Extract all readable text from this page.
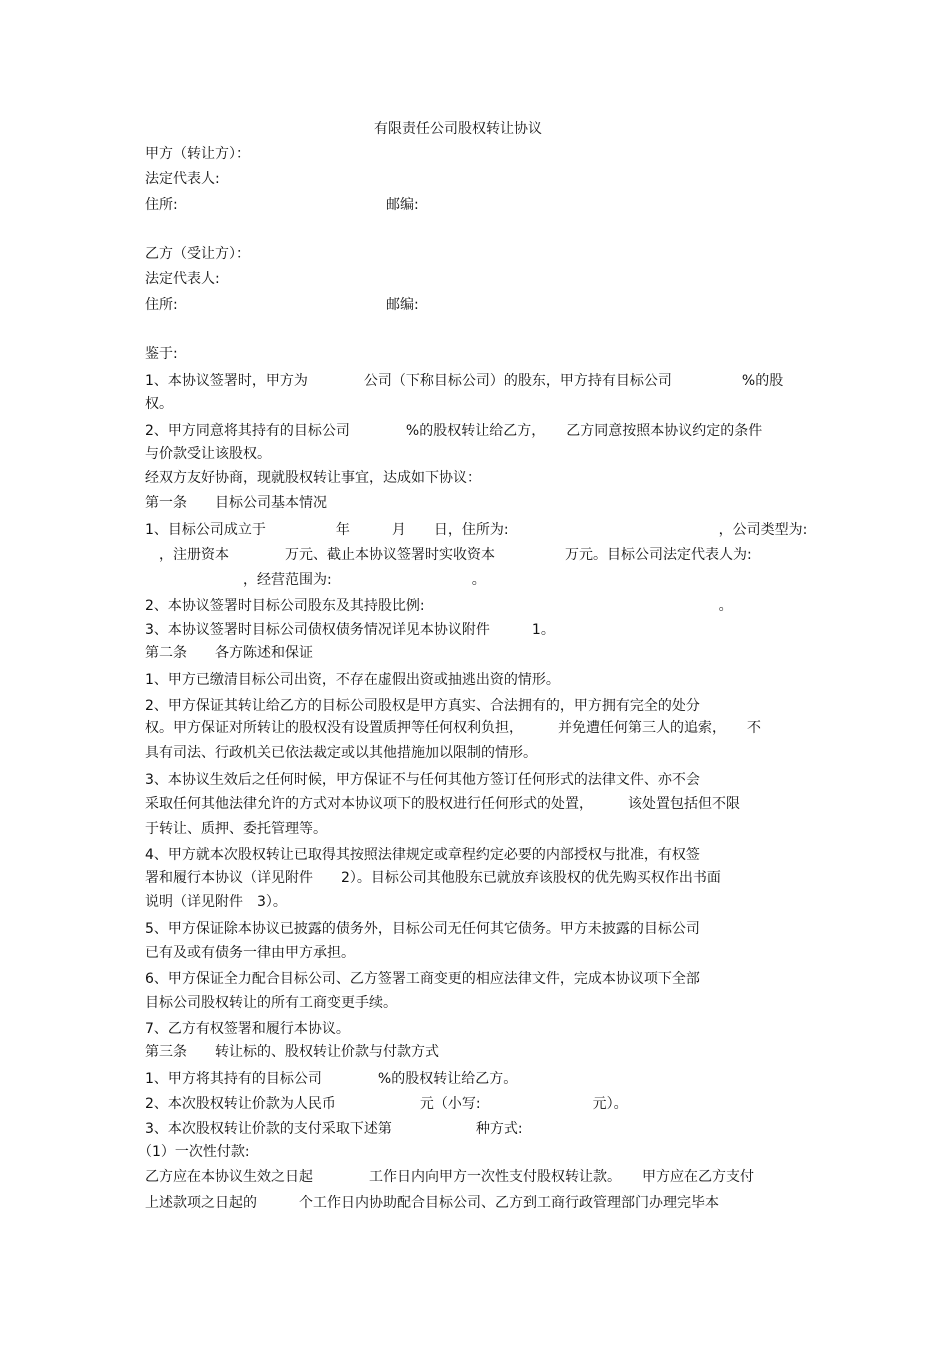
有限责任公司股权转让协议
甲方（转让方）：
法定代表人:
住所:	邮编:
乙方（受让方）：
法定代表人:
住所:	邮编:
鉴于:
1、本协议签署时，甲方为　　　　公司（下称目标公司）的股东，甲方持有目标公司　　　　　%的股
权。
2、甲方同意将其持有的目标公司　　　　%的股权转让给乙方，　　乙方同意按照本协议约定的条件
与价款受让该股权。
经双方友好协商，现就股权转让事宜，达成如下协议：
第一条　　目标公司基本情况
1、目标公司成立于　　　　　年　　　月　　日，住所为:　　　　　　　　　　　　　　　，公司类型为:
　，注册资本　　　　万元、截止本协议签署时实收资本　　　　　万元。目标公司法定代表人为:
　　　　　　　，经营范围为:　　　　　　　　　　。
2、本协议签署时目标公司股东及其持股比例:　　　　　　　　　　　　　　　　　　　　　。
3、本协议签署时目标公司债权债务情况详见本协议附件　　　1。
第二条　　各方陈述和保证
1、甲方已缴清目标公司出资，不存在虚假出资或抽逃出资的情形。
2、甲方保证其转让给乙方的目标公司股权是甲方真实、合法拥有的，甲方拥有完全的处分
权。甲方保证对所转让的股权没有设置质押等任何权利负担，　　　并免遭任何第三人的追索，　　不
具有司法、行政机关已依法裁定或以其他措施加以限制的情形。
3、本协议生效后之任何时候，甲方保证不与任何其他方签订任何形式的法律文件、亦不会
采取任何其他法律允许的方式对本协议项下的股权进行任何形式的处置，　　　该处置包括但不限
于转让、质押、委托管理等。
4、甲方就本次股权转让已取得其按照法律规定或章程约定必要的内部授权与批准，有权签
署和履行本协议（详见附件　　2）。目标公司其他股东已就放弃该股权的优先购买权作出书面
说明（详见附件　3）。
5、甲方保证除本协议已披露的债务外，目标公司无任何其它债务。甲方未披露的目标公司
已有及或有债务一律由甲方承担。
6、甲方保证全力配合目标公司、乙方签署工商变更的相应法律文件，完成本协议项下全部
目标公司股权转让的所有工商变更手续。
7、乙方有权签署和履行本协议。
第三条　　转让标的、股权转让价款与付款方式
1、甲方将其持有的目标公司　　　　%的股权转让给乙方。
2、本次股权转让价款为人民币　　　　　　元（小写:　　　　　　　　元）。
3、本次股权转让价款的支付采取下述第　　　　　　种方式:
（1）一次性付款:
乙方应在本协议生效之日起　　　　工作日内向甲方一次性支付股权转让款。　　甲方应在乙方支付
上述款项之日起的　　　个工作日内协助配合目标公司、乙方到工商行政管理部门办理完毕本
